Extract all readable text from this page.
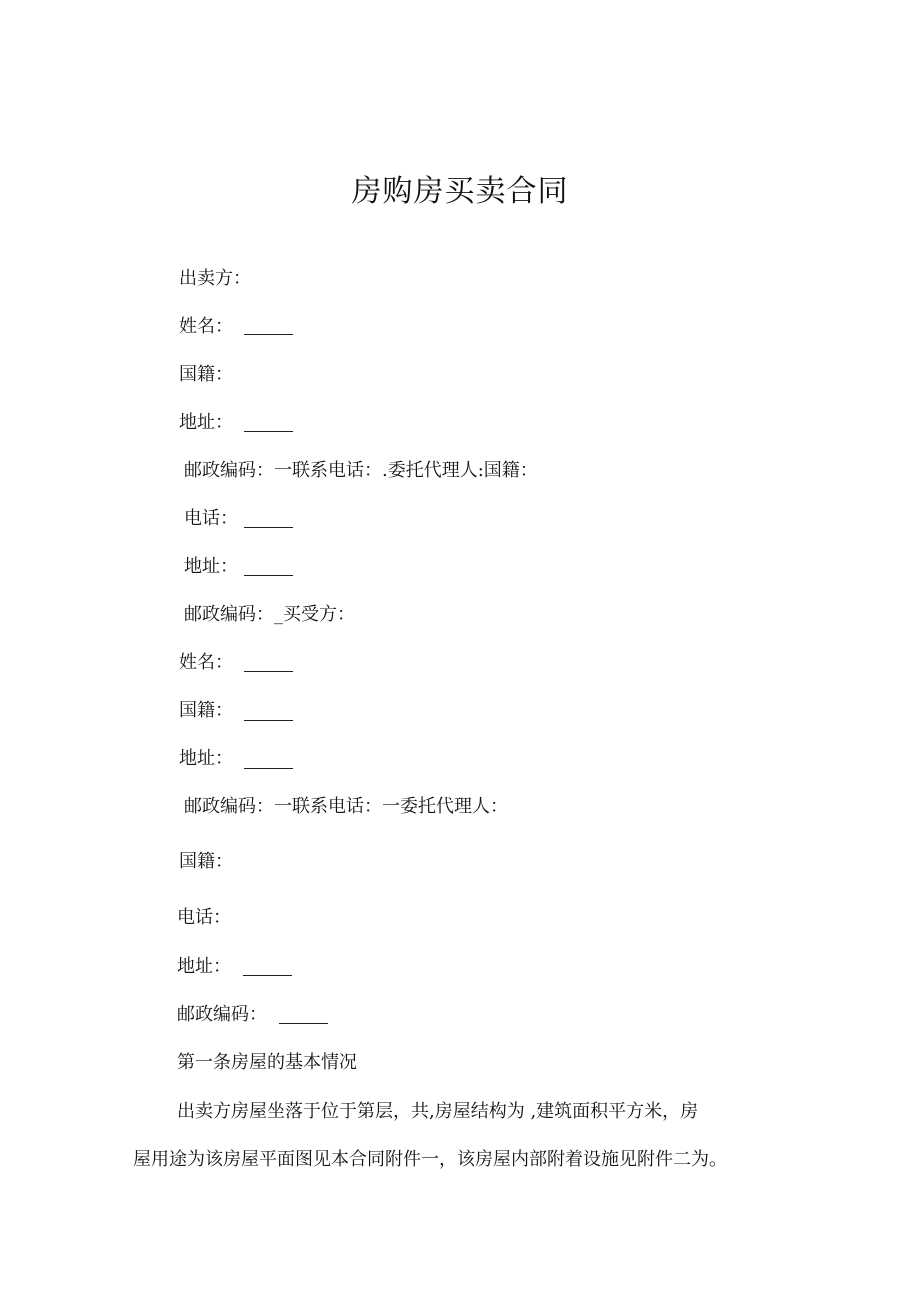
房购房买卖合同
出卖方：
姓名：
国籍：
地址：
邮政编码：一联系电话：.委托代理人:国籍：
电话：
地址：
邮政编码：_买受方：
姓名：
国籍：
地址：
邮政编码：一联系电话：一委托代理人：
国籍：
电话：
地址：
邮政编码：
第一条房屋的基本情况
出卖方房屋坐落于位于第层，共,房屋结构为 ,建筑面积平方米，房
屋用途为该房屋平面图见本合同附件一，该房屋内部附着设施见附件二为。
